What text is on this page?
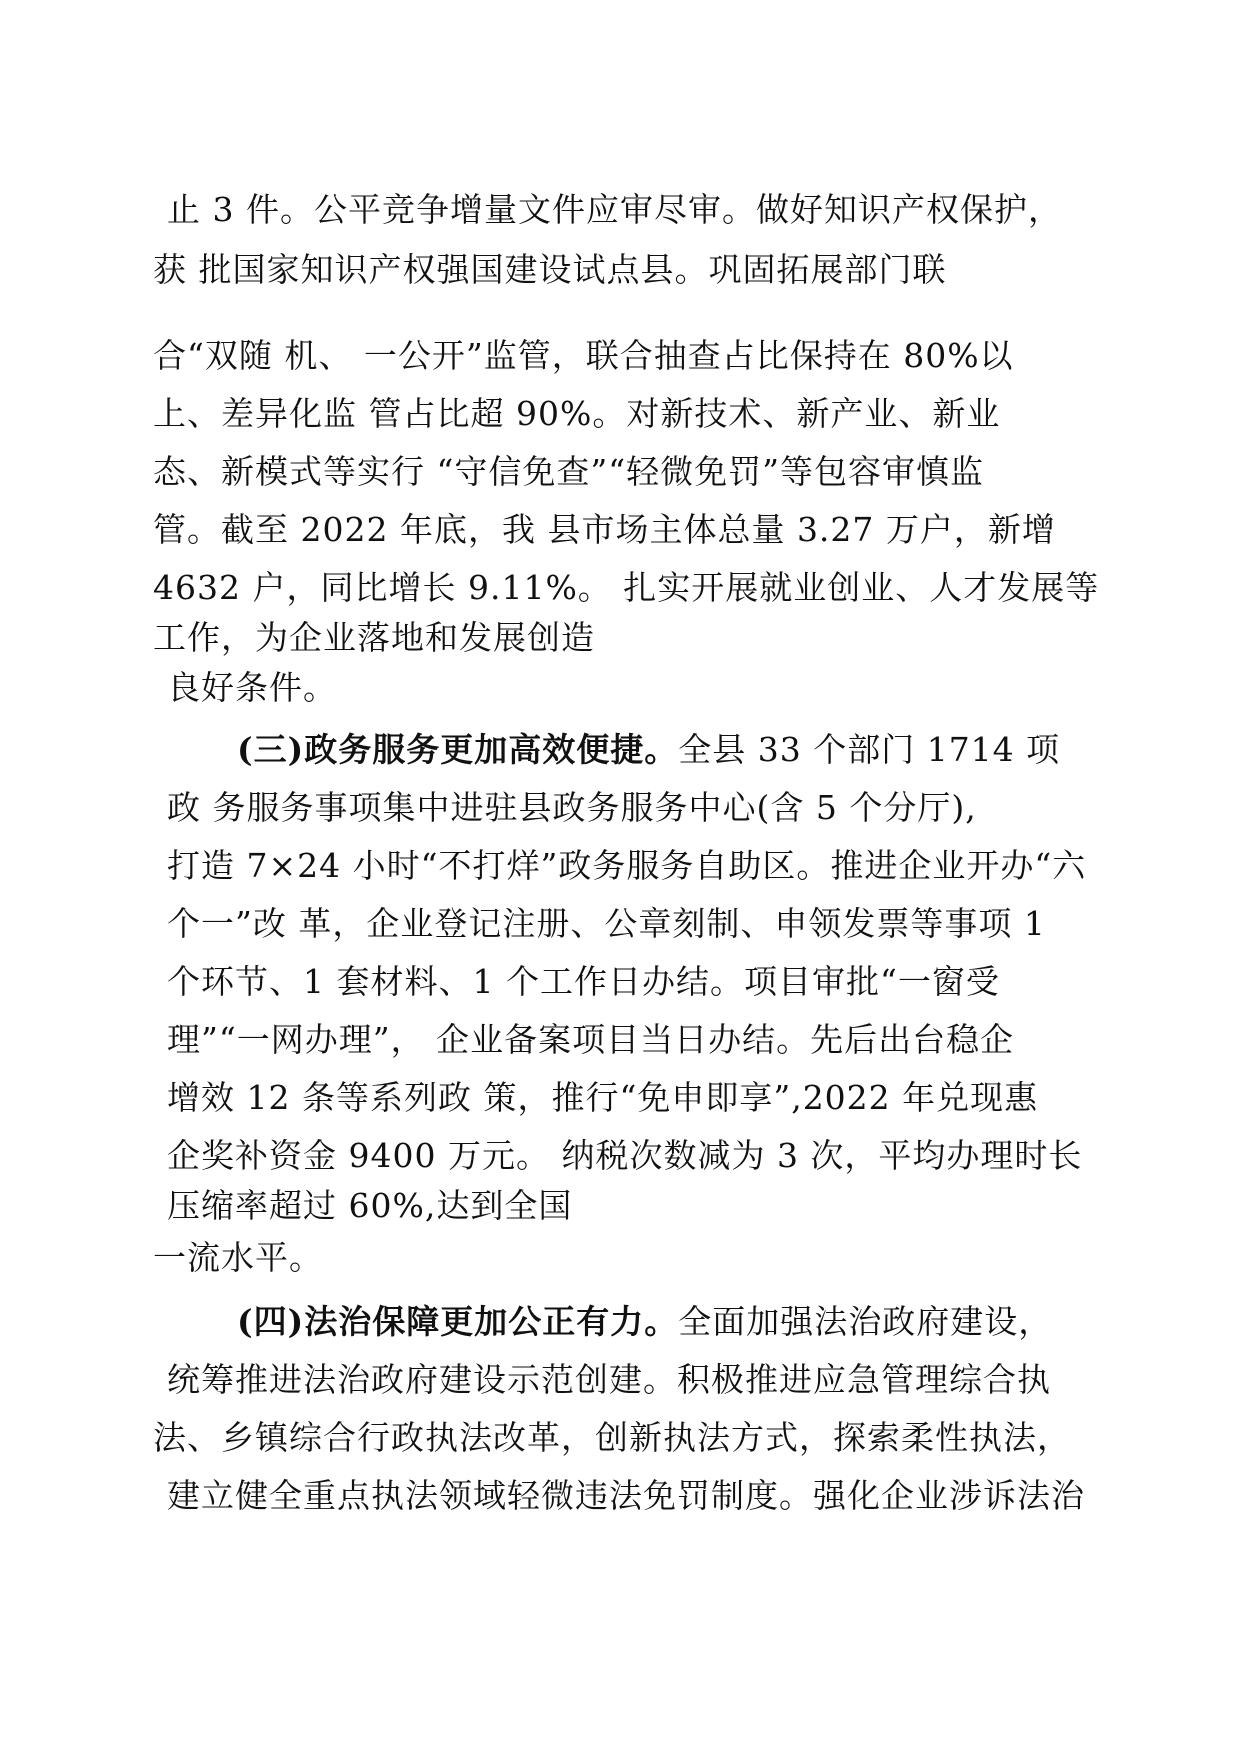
止 3 件。公平竞争增量文件应审尽审。做好知识产权保护，
获 批国家知识产权强国建设试点县。巩固拓展部门联
合“双随 机、 一公开”监管，联合抽查占比保持在 80%以
上、差异化监 管占比超 90%。对新技术、新产业、新业
态、新模式等实行 “守信免查”“轻微免罚”等包容审慎监
管。截至 2022 年底，我 县市场主体总量 3.27 万户，新增
4632 户，同比增长 9.11%。 扎实开展就业创业、人才发展等
工作，为企业落地和发展创造
良好条件。
(三)政务服务更加高效便捷。全县 33 个部门 1714 项
政 务服务事项集中进驻县政务服务中心(含 5 个分厅),
打造 7×24 小时“不打烊”政务服务自助区。推进企业开办“六
个一”改 革，企业登记注册、公章刻制、申领发票等事项 1
个环节、1 套材料、1 个工作日办结。项目审批“一窗受
理”“一网办理”， 企业备案项目当日办结。先后出台稳企
增效 12 条等系列政 策，推行“免申即享”,2022 年兑现惠
企奖补资金 9400 万元。 纳税次数减为 3 次，平均办理时长
压缩率超过 60%,达到全国
一流水平。
(四)法治保障更加公正有力。全面加强法治政府建设，
统筹推进法治政府建设示范创建。积极推进应急管理综合执
法、乡镇综合行政执法改革，创新执法方式，探索柔性执法，
建立健全重点执法领域轻微违法免罚制度。强化企业涉诉法治
